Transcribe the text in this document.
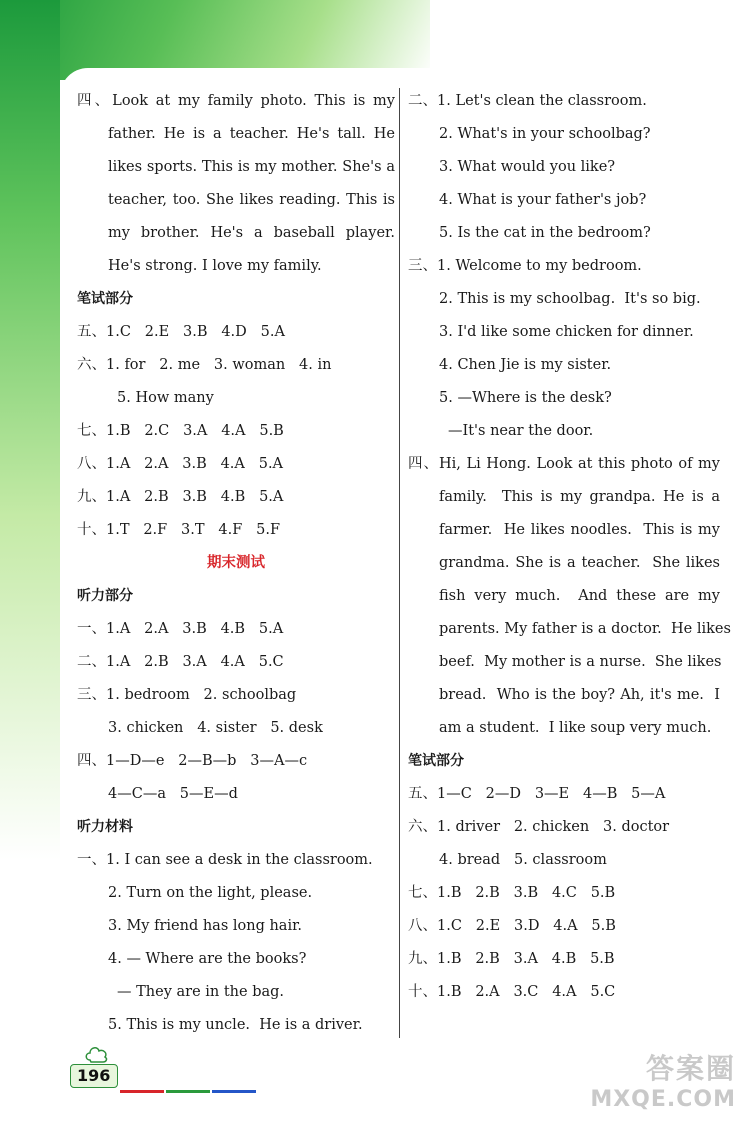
四、Look at my family photo. This is my
father. He is a teacher. He's tall. He
likes sports. This is my mother. She's a
teacher, too. She likes reading. This is
my brother. He's a baseball player.
He's strong. I love my family.
笔试部分
五、1.C   2.E   3.B   4.D   5.A
六、1. for   2. me   3. woman   4. in
5. How many
七、1.B   2.C   3.A   4.A   5.B
八、1.A   2.A   3.B   4.A   5.A
九、1.A   2.B   3.B   4.B   5.A
十、1.T   2.F   3.T   4.F   5.F
期末测试
听力部分
一、1.A   2.A   3.B   4.B   5.A
二、1.A   2.B   3.A   4.A   5.C
三、1. bedroom   2. schoolbag
3. chicken   4. sister   5. desk
四、1—D—e   2—B—b   3—A—c
4—C—a   5—E—d
听力材料
一、1. I can see a desk in the classroom.
2. Turn on the light, please.
3. My friend has long hair.
4. — Where are the books?
— They are in the bag.
5. This is my uncle.  He is a driver.
二、1. Let's clean the classroom.
2. What's in your schoolbag?
3. What would you like?
4. What is your father's job?
5. Is the cat in the bedroom?
三、1. Welcome to my bedroom.
2. This is my schoolbag.  It's so big.
3. I'd like some chicken for dinner.
4. Chen Jie is my sister.
5. —Where is the desk?
—It's near the door.
四、Hi, Li Hong. Look at this photo of my
family.  This is my grandpa. He is a
farmer.  He likes noodles.  This is my
grandma. She is a teacher.  She likes
fish very much.  And these are my
parents. My father is a doctor.  He likes
beef.  My mother is a nurse.  She likes
bread.  Who is the boy? Ah, it's me.  I
am a student.  I like soup very much.
笔试部分
五、1—C   2—D   3—E   4—B   5—A
六、1. driver   2. chicken   3. doctor
4. bread   5. classroom
七、1.B   2.B   3.B   4.C   5.B
八、1.C   2.E   3.D   4.A   5.B
九、1.B   2.B   3.A   4.B   5.B
十、1.B   2.A   3.C   4.A   5.C
196	答案圈
MXQE.COM
